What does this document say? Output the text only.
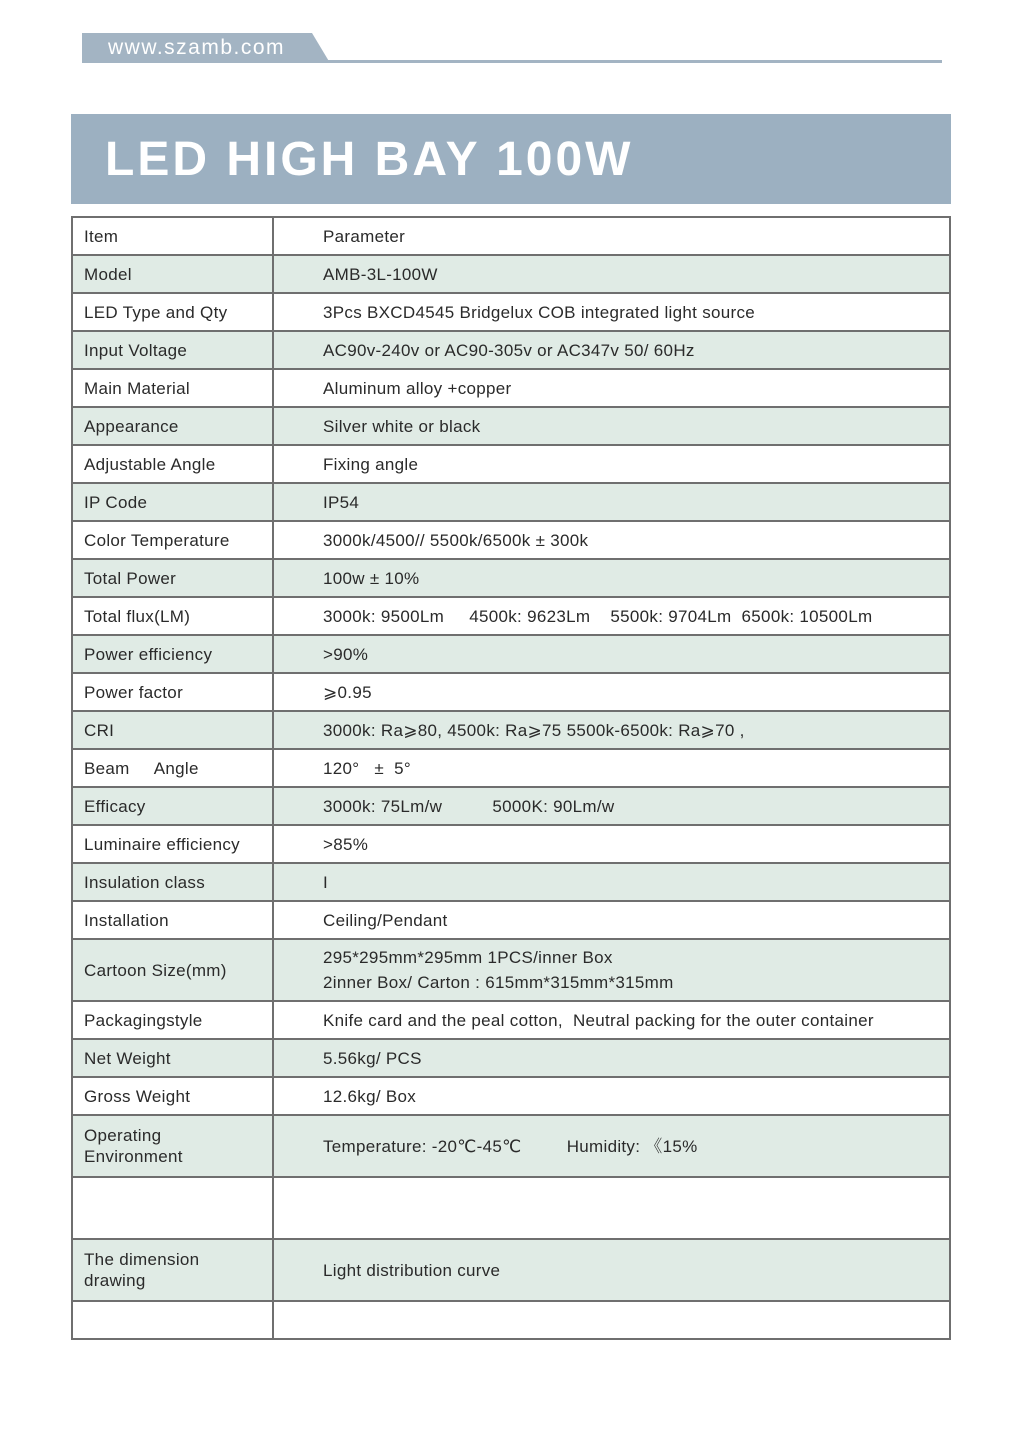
www.szamb.com
LED HIGH BAY 100W
Item	Parameter
Model	AMB-3L-100W
LED Type and Qty	3Pcs BXCD4545 Bridgelux COB integrated light source
Input Voltage	AC90v-240v or AC90-305v or AC347v 50/ 60Hz
Main Material	Aluminum alloy +copper
Appearance	Silver white or black
Adjustable Angle	Fixing angle
IP Code	IP54
Color Temperature	3000k/4500// 5500k/6500k ± 300k
Total Power	100w ± 10%
Total flux(LM)	3000k: 9500Lm     4500k: 9623Lm    5500k: 9704Lm  6500k: 10500Lm
Power efficiency	>90%
Power factor	⩾0.95
CRI	3000k: Ra⩾80, 4500k: Ra⩾75 5500k-6500k: Ra⩾70 ,
Beam     Angle	120°   ±  5°
Efficacy	3000k: 75Lm/w          5000K: 90Lm/w
Luminaire efficiency	>85%
Insulation class	I
Installation	Ceiling/Pendant
Cartoon Size(mm)	295*295mm*295mm 1PCS/inner Box
2inner Box/ Carton : 615mm*315mm*315mm

Packagingstyle	Knife card and the peal cotton,  Neutral packing for the outer container
Net Weight	5.56kg/ PCS
Gross Weight	12.6kg/ Box

Operating
Environment	Temperature: -20℃-45℃         Humidity: 《15%

The dimension
drawing	Light distribution curve
